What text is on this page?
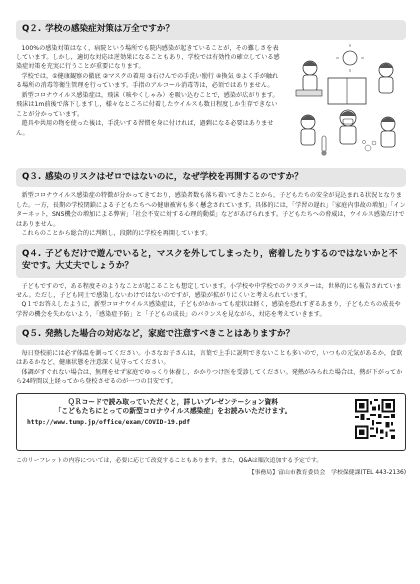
Q２. 学校の感染症対策は万全ですか？

100%の感染対策はなく，病院という場所でも院内感染が起きていることが，その難しさを表しています。しかし，適切な対応は逆効果になることもあり，学校では有効性の確立している感染症対策を充実に行うことが重要になります。

学校では，①健康観察の徹底 ②マスクの着用 ③石けんでの手洗い励行 ④換気 ⑤よく手が触れる場所の消毒等衛生管理を行っています。手指のアルコール消毒等は，必須ではありません。

新型コロナウイルス感染症は，飛沫（咳やくしゃみ）を吸い込むことで，感染が広がります。飛沫は1m前後で落下しますし，様々なところに付着したウイルスも数日程度しか生存できないことが分かっています。

遊具や共用の物を使った後は，手洗いする習慣を身に付ければ，過剰になる必要はありません。

Q３. 感染のリスクはゼロではないのに，なぜ学校を再開するのですか？

新型コロナウイルス感染症の特徴が分かってきており，感染者数も落ち着いてきたことから，子どもたちの安全が見込まれる状況となりました。一方，長期の学校閉鎖による子どもたちへの健康被害も多く懸念されています。具体的には，「学習の遅れ」「家庭内事故の増加」「インターネット，SNS機会の増加による弊害」「社会不安に対する心理的動揺」などがあげられます。子どもたちへの脅威は，ウイルス感染だけではありません。

これらのことから総合的に判断し，段階的に学校を再開しています。

Q４. 子どもだけで遊んでいると，マスクを外してしまったり，密着したりするのではないかと不安です。大丈夫でしょうか？

子どもですので，ある程度そのようなことが起こることも想定しています。小学校や中学校でのクラスターは，世界的にも報告されていません。ただし，子ども同士で感染しないわけではないのですが，感染が拡がりにくいと考えられています。

Q１でお答えしたように，新型コロナウイルス感染症は，子どもがかかっても症状は軽く，感染を恐れすぎるあまり，子どもたちの成長や学習の機会を失わないよう，「感染症予防」と「子どもの成長」のバランスを見ながら，対応を考えていきます。

Q５. 発熱した場合の対応など，家庭で注意すべきことはありますか？

毎日登校前には必ず体温を測ってください。小さなお子さんは，言葉で上手に説明できないことも多いので，いつもの元気があるか，食欲はあるかなど，健康状態を注意深く見守ってください。

体調がすぐれない場合は，無理をせず家庭でゆっくり休養し，かかりつけ医を受診してください。発熱がみられた場合は，熱が下がってから24時間以上経ってから登校させるのが一つの目安です。

ＱＲコードで読み取っていただくと，詳しいプレゼンテーション資料

「こどもたちにとっての新型コロナウイルス感染症」をお読みいただけます。

http://www.tump.jp/office/exam/COVID-19.pdf

このリーフレットの内容については，必要に応じて改変することもあります。また，Q&Aは順次追加する予定です。

【事務局】富山市教育委員会　学校保健課(TEL 443-2136)
